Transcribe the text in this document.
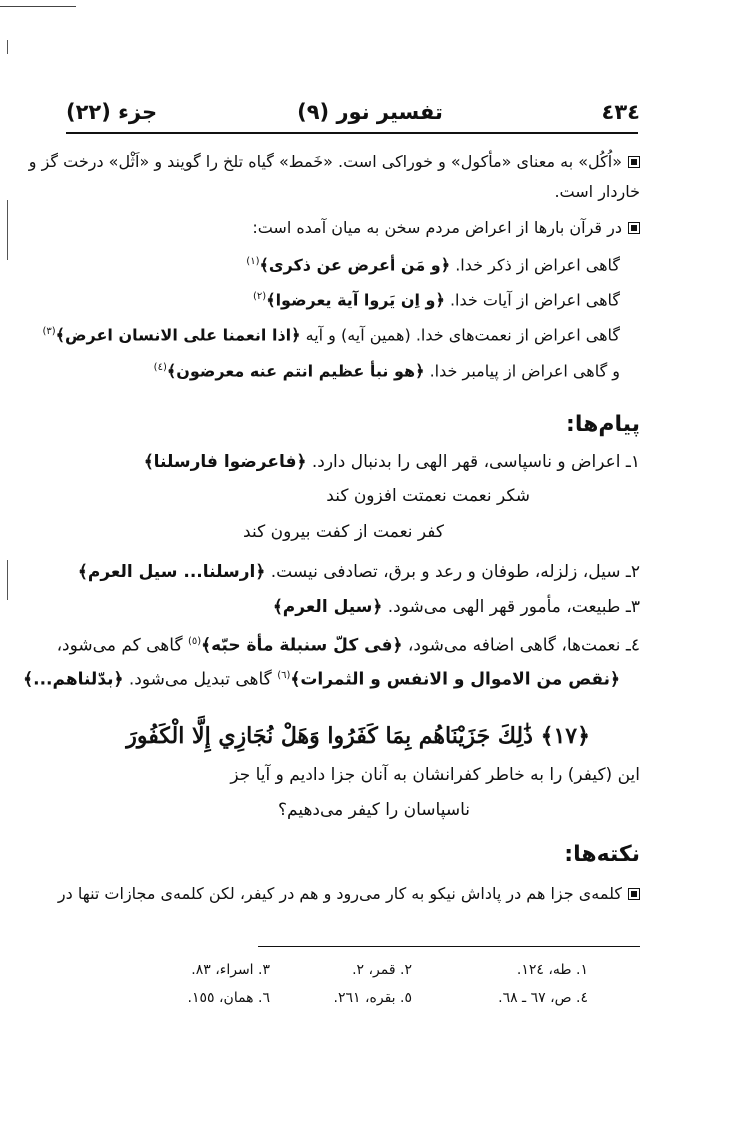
٤٣٤
تفسیر نور (٩)
جزء (٢٢)
«اُكُل» به معناى «مأكول» و خوراكى است. «خَمط» گياه تلخ را گويند و «اَثْل» درخت گز و
خاردار است.
در قرآن بارها از اعراض مردم سخن به ميان آمده است:
گاهى اعراض از ذكر خدا. ﴿و مَن أعرض عن ذكرى﴾$^{(١)}$
گاهى اعراض از آيات خدا. ﴿و اِن يَروا آية يعرضوا﴾$^{(٢)}$
گاهى اعراض از نعمت‌هاى خدا. (همين آيه) و آيه ﴿اذا انعمنا على الانسان اعرض﴾$^{(٣)}$
و گاهى اعراض از پيامبر خدا. ﴿هو نبأ عظيم انتم عنه معرضون﴾$^{(٤)}$
پيام‌ها:
١ـ اعراض و ناسپاسى، قهر الهى را بدنبال دارد. ﴿فاعرضوا فارسلنا﴾
شكر نعمت نعمتت افزون كند
كفر نعمت از كفت بيرون كند
٢ـ سيل، زلزله، طوفان و رعد و برق، تصادفى نيست. ﴿ارسلنا... سيل العرم﴾
٣ـ طبيعت، مأمور قهر الهى مى‌شود. ﴿سيل العرم﴾
٤ـ نعمت‌ها، گاهى اضافه مى‌شود، ﴿فى كلّ سنبلة مأة حبّه﴾$^{(٥)}$ گاهى كم مى‌شود،
﴿نقص من الاموال و الانفس و الثمرات﴾$^{(٦)}$ گاهى تبديل مى‌شود. ﴿بدّلناهم...﴾
﴿١٧﴾ ذَٰلِكَ جَزَيْنَاهُم بِمَا كَفَرُوا وَهَلْ نُجَازِي إِلَّا الْكَفُورَ
اين (كيفر) را به خاطر كفرانشان به آنان جزا داديم و آيا جز
ناسپاسان را كيفر مى‌دهيم؟
نكته‌ها:
كلمه‌ى جزا هم در پاداش نيكو به كار مى‌رود و هم در كيفر، لكن كلمه‌ى مجازات تنها در
١. طه، ١٢٤.
٢. قمر، ٢.
٣. اسراء، ٨٣.
٤. ص، ٦٧ ـ ٦٨.
٥. بقره، ٢٦١.
٦. همان، ١٥٥.
